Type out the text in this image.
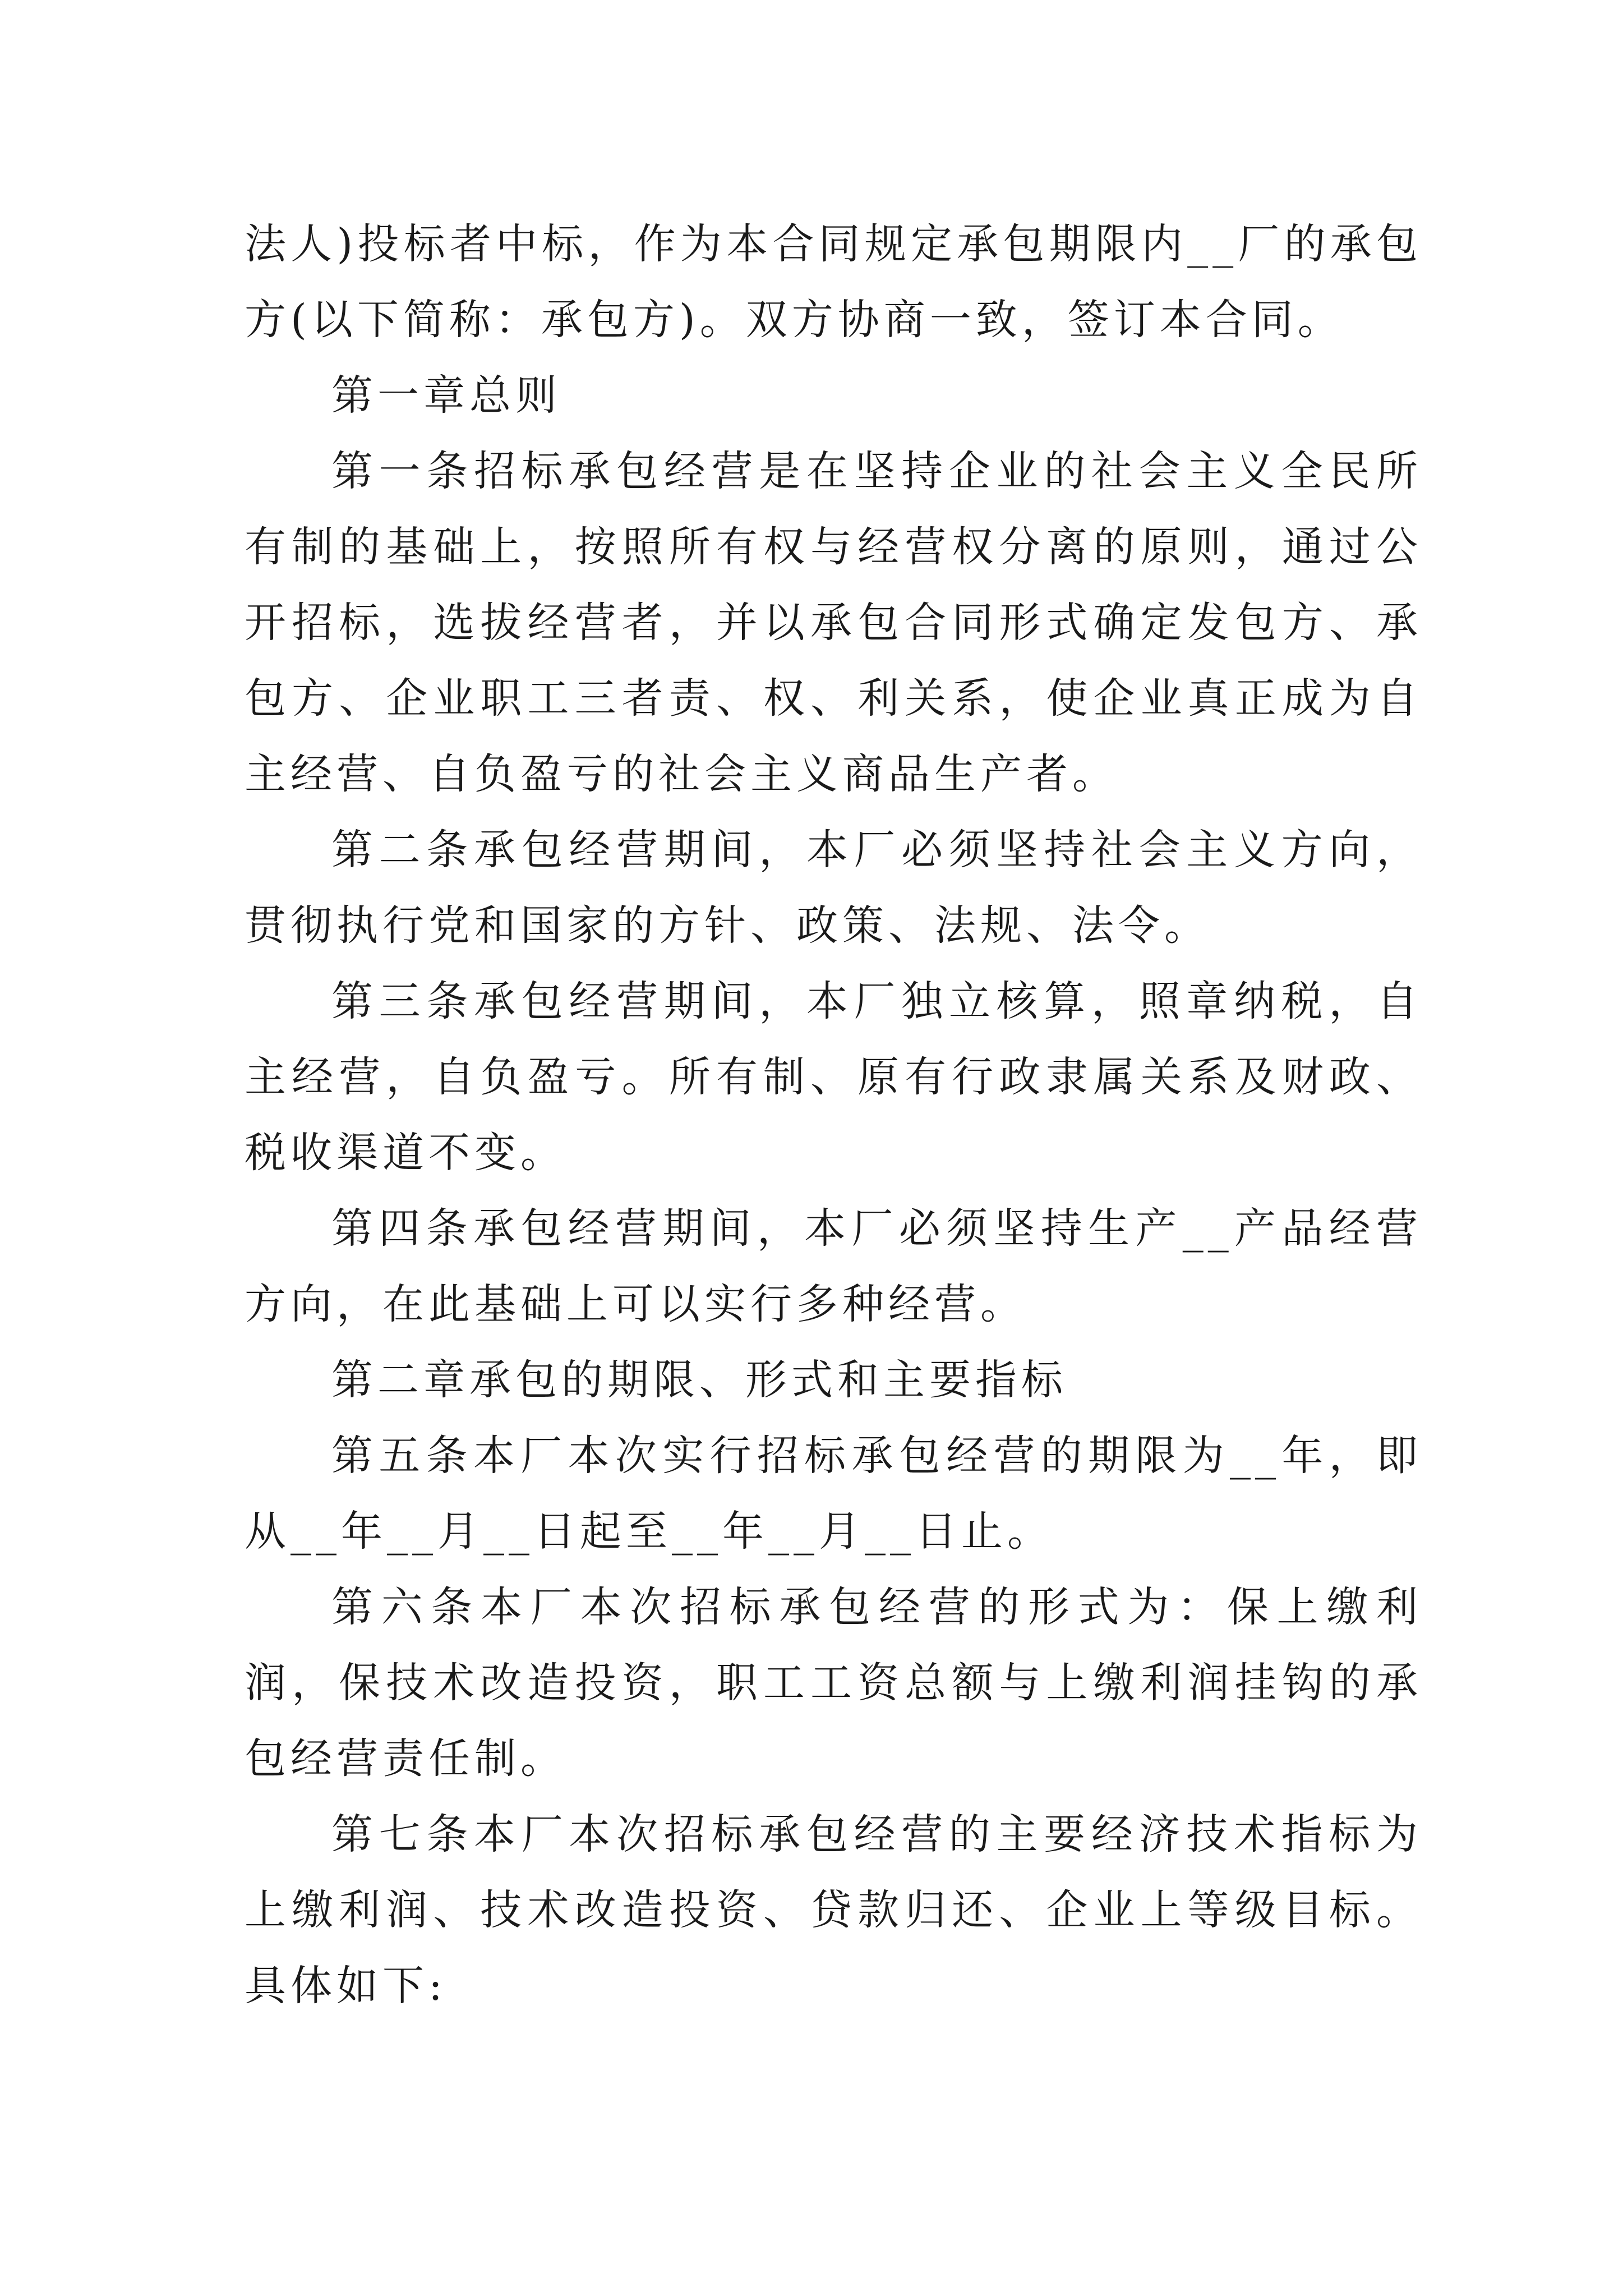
法人)投标者中标，作为本合同规定承包期限内__厂的承包方(以下简称：承包方)。双方协商一致，签订本合同。

第一章总则

第一条招标承包经营是在坚持企业的社会主义全民所有制的基础上，按照所有权与经营权分离的原则，通过公开招标，选拔经营者，并以承包合同形式确定发包方、承包方、企业职工三者责、权、利关系，使企业真正成为自主经营、自负盈亏的社会主义商品生产者。

第二条承包经营期间，本厂必须坚持社会主义方向，贯彻执行党和国家的方针、政策、法规、法令。

第三条承包经营期间，本厂独立核算，照章纳税，自主经营，自负盈亏。所有制、原有行政隶属关系及财政、税收渠道不变。

第四条承包经营期间，本厂必须坚持生产__产品经营方向，在此基础上可以实行多种经营。

第二章承包的期限、形式和主要指标

第五条本厂本次实行招标承包经营的期限为__年，即从__年__月__日起至__年__月__日止。

第六条本厂本次招标承包经营的形式为：保上缴利润，保技术改造投资，职工工资总额与上缴利润挂钩的承包经营责任制。

第七条本厂本次招标承包经营的主要经济技术指标为上缴利润、技术改造投资、贷款归还、企业上等级目标。具体如下:
